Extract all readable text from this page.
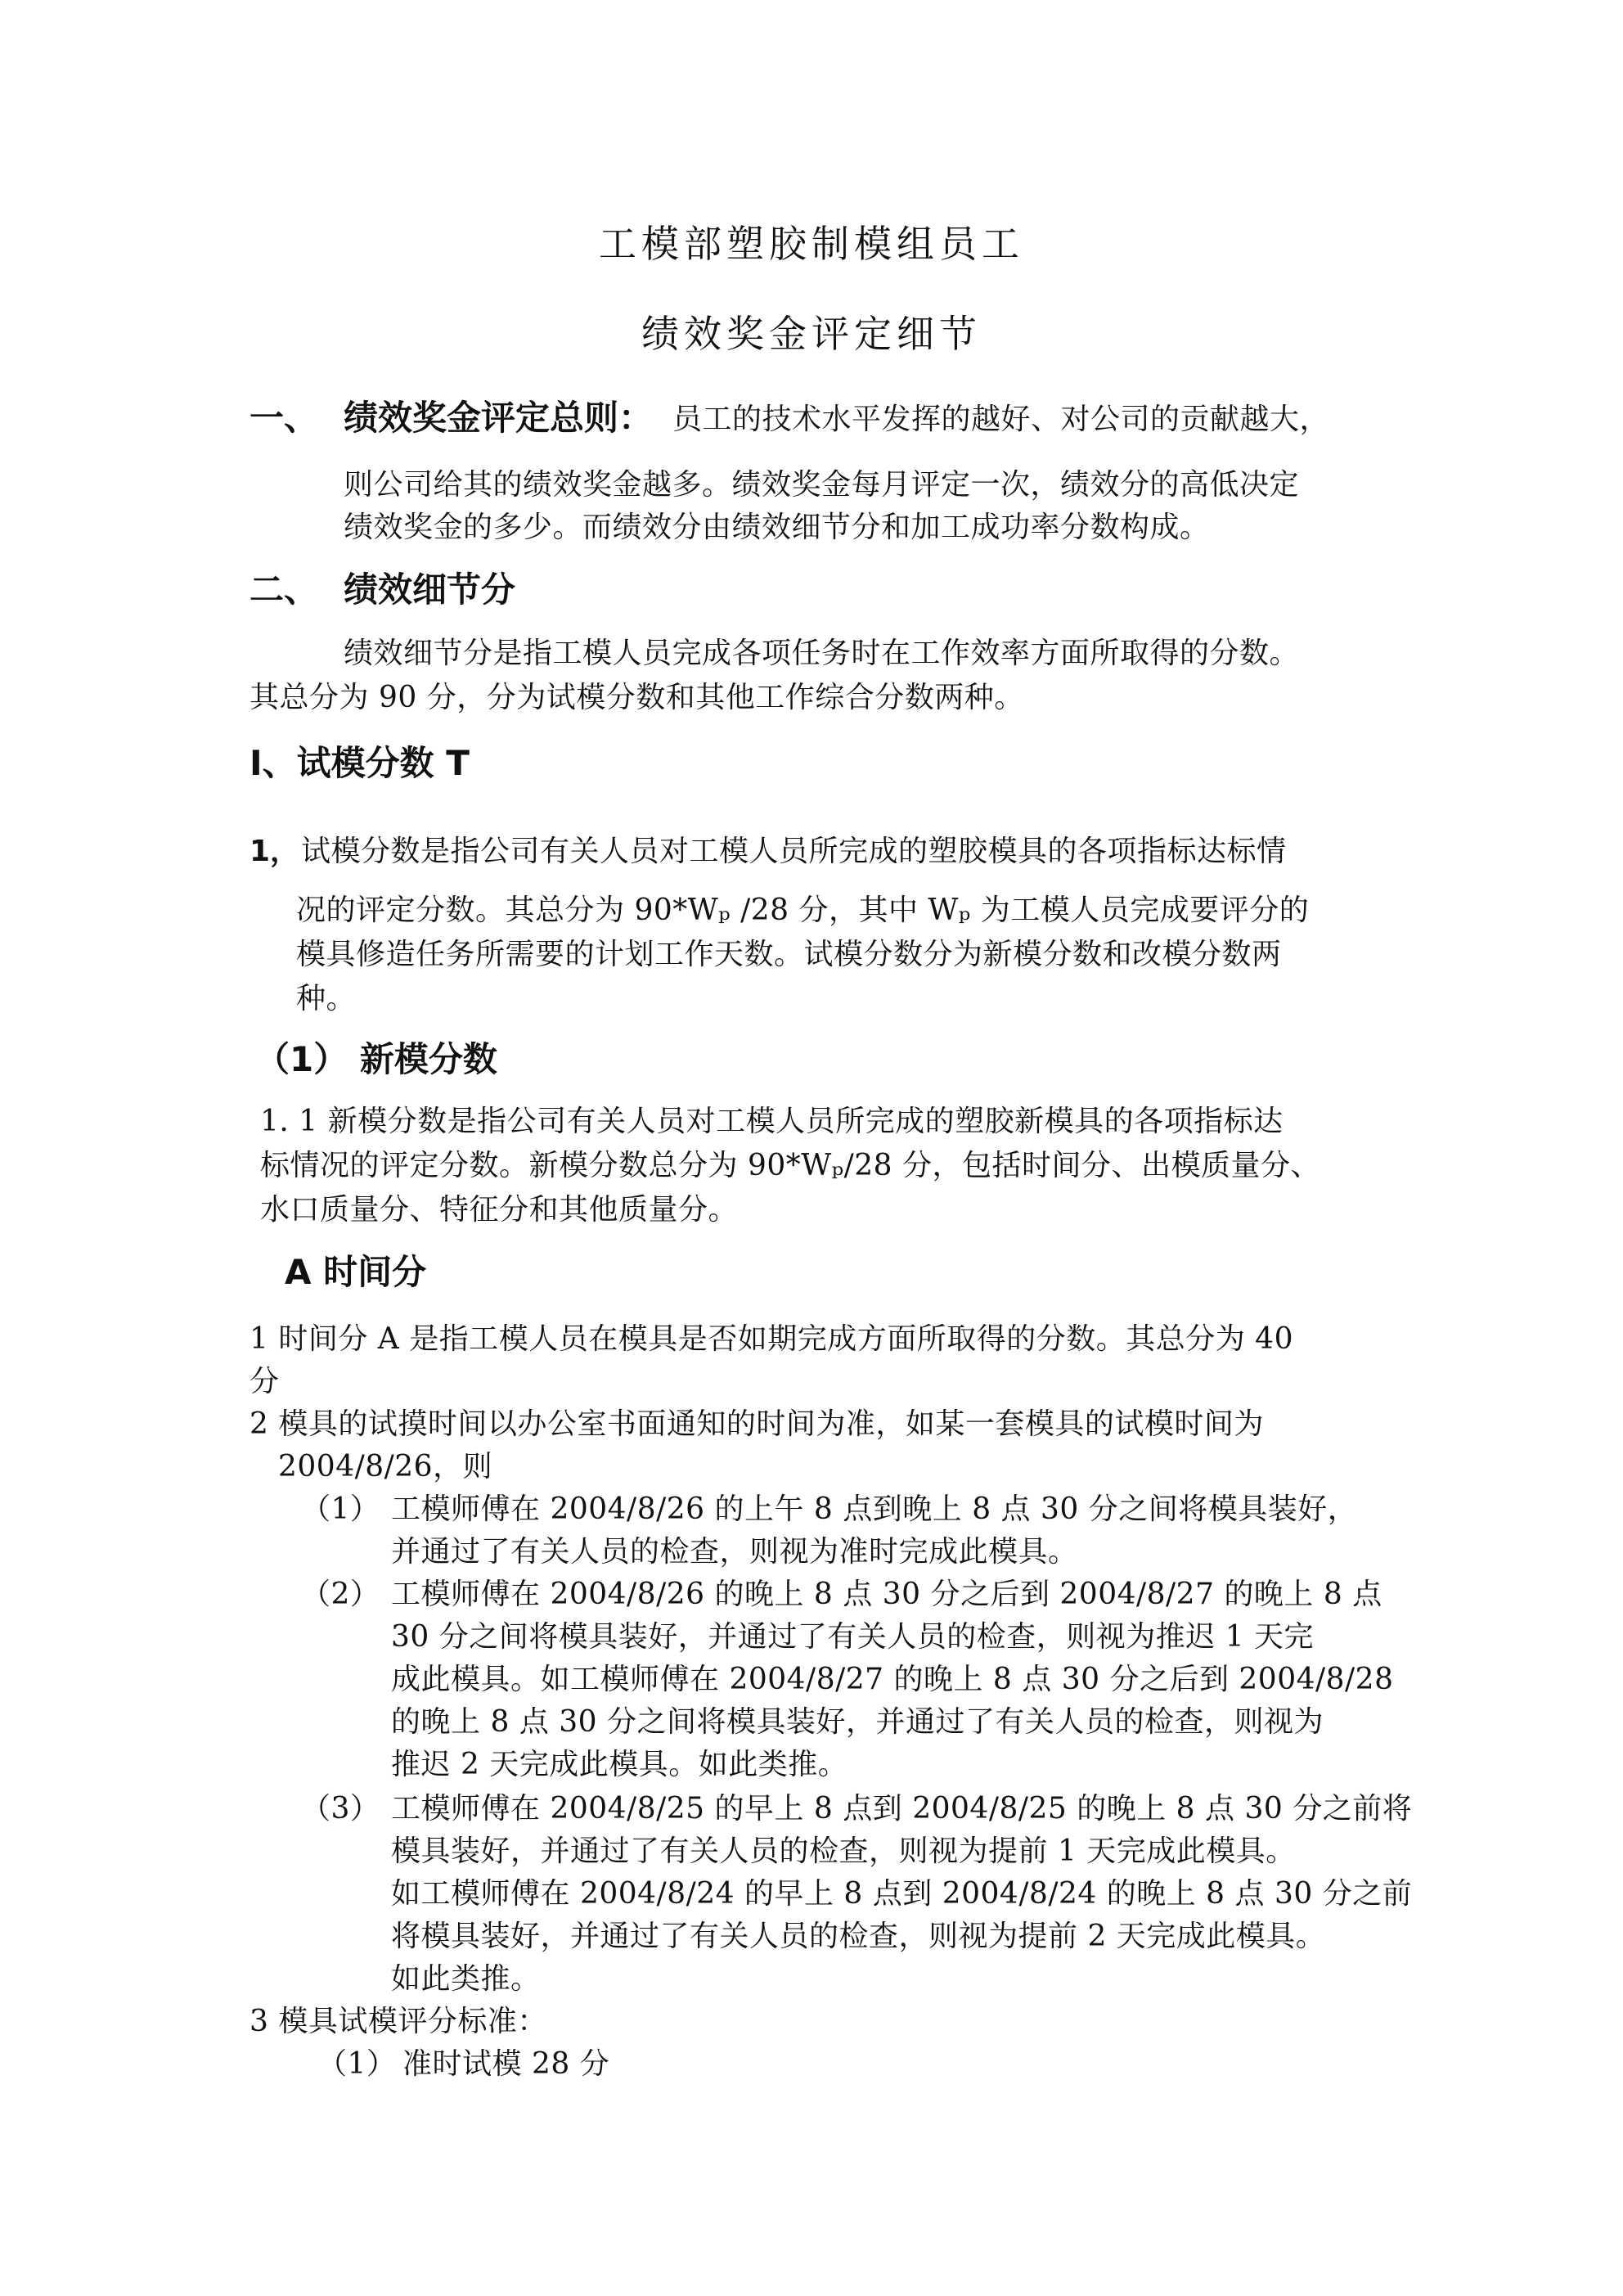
工模部塑胶制模组员工
绩效奖金评定细节
一、 绩效奖金评定总则： 员工的技术水平发挥的越好、对公司的贡献越大，
则公司给其的绩效奖金越多。绩效奖金每月评定一次，绩效分的高低决定
绩效奖金的多少。而绩效分由绩效细节分和加工成功率分数构成。
二、 绩效细节分
绩效细节分是指工模人员完成各项任务时在工作效率方面所取得的分数。
其总分为 90 分，分为试模分数和其他工作综合分数两种。
I、试模分数 T
1， 试模分数是指公司有关人员对工模人员所完成的塑胶模具的各项指标达标情
况的评定分数。其总分为 90*Wₚ /28 分，其中 Wₚ 为工模人员完成要评分的
模具修造任务所需要的计划工作天数。试模分数分为新模分数和改模分数两
种。
（1） 新模分数
1. 1 新模分数是指公司有关人员对工模人员所完成的塑胶新模具的各项指标达
标情况的评定分数。新模分数总分为 90*Wₚ/28 分，包括时间分、出模质量分、
水口质量分、特征分和其他质量分。
A 时间分
1 时间分 A 是指工模人员在模具是否如期完成方面所取得的分数。其总分为 40
分
2 模具的试摸时间以办公室书面通知的时间为准，如某一套模具的试模时间为
2004/8/26，则
（1） 工模师傅在 2004/8/26 的上午 8 点到晚上 8 点 30 分之间将模具装好，
并通过了有关人员的检查，则视为准时完成此模具。
（2） 工模师傅在 2004/8/26 的晚上 8 点 30 分之后到 2004/8/27 的晚上 8 点
30 分之间将模具装好，并通过了有关人员的检查，则视为推迟 1 天完
成此模具。如工模师傅在 2004/8/27 的晚上 8 点 30 分之后到 2004/8/28
的晚上 8 点 30 分之间将模具装好，并通过了有关人员的检查，则视为
推迟 2 天完成此模具。如此类推。
（3） 工模师傅在 2004/8/25 的早上 8 点到 2004/8/25 的晚上 8 点 30 分之前将
模具装好，并通过了有关人员的检查，则视为提前 1 天完成此模具。
如工模师傅在 2004/8/24 的早上 8 点到 2004/8/24 的晚上 8 点 30 分之前
将模具装好，并通过了有关人员的检查，则视为提前 2 天完成此模具。
如此类推。
3 模具试模评分标准：
（1） 准时试模 28 分
